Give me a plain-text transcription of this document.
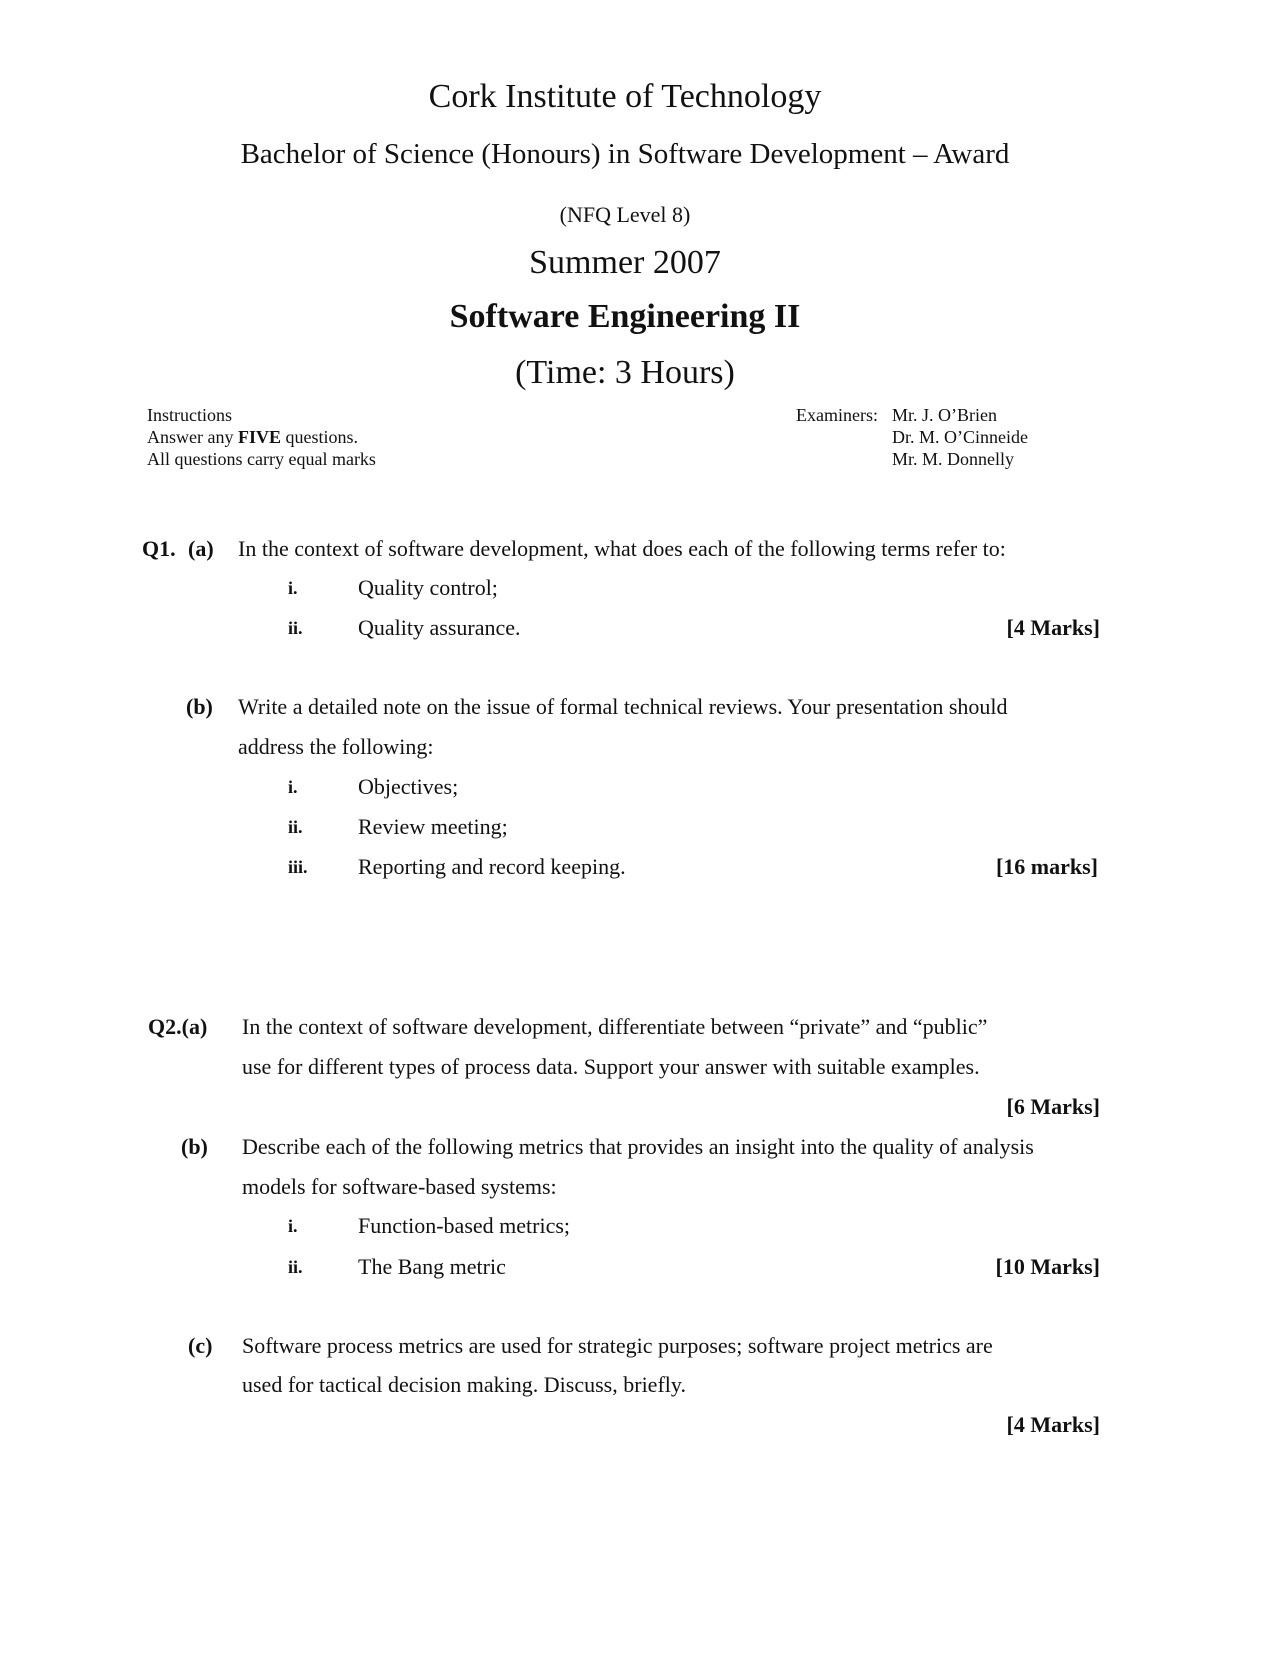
Cork Institute of Technology
Bachelor of Science (Honours) in Software Development – Award
(NFQ Level 8)
Summer 2007
Software Engineering II
(Time: 3 Hours)
Instructions
Answer any FIVE questions.
All questions carry equal marks
Examiners: Mr. J. O’Brien
Dr. M. O’Cinneide
Mr. M. Donnelly
Q1. (a) In the context of software development, what does each of the following terms refer to:
i.	Quality control;
ii.	Quality assurance.	[4 Marks]
(b) Write a detailed note on the issue of formal technical reviews. Your presentation should
address the following:
i.	Objectives;
ii.	Review meeting;
iii. Reporting and record keeping.	[16 marks]
Q2.(a) In the context of software development, differentiate between “private” and “public”
use for different types of process data. Support your answer with suitable examples.
[6 Marks]
(b) Describe each of the following metrics that provides an insight into the quality of analysis
models for software-based systems:
i.	Function-based metrics;
ii.	The Bang metric	[10 Marks]
(c) Software process metrics are used for strategic purposes; software project metrics are
used for tactical decision making. Discuss, briefly.
[4 Marks]
